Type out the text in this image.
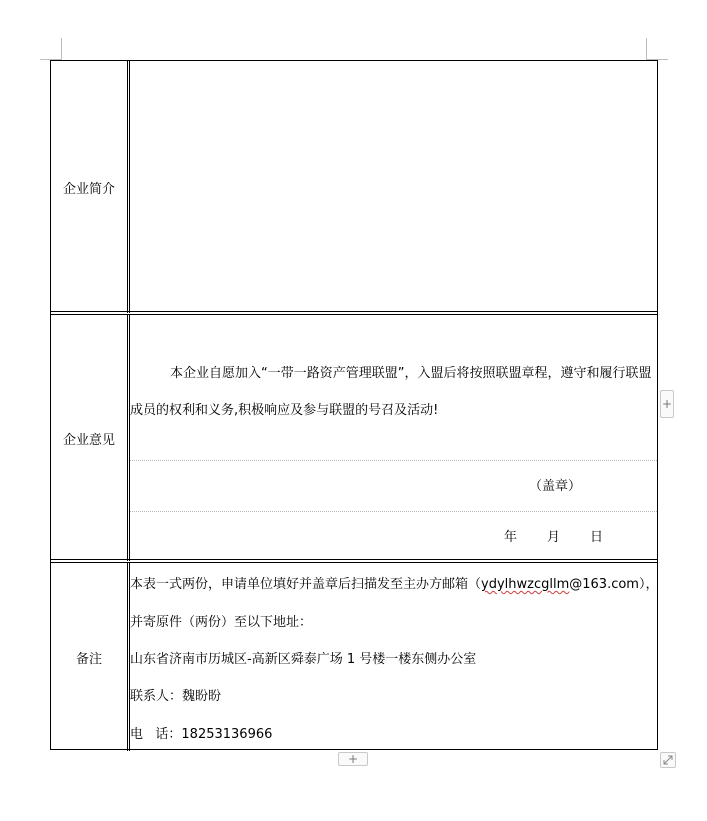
企业简介
企业意见
本企业自愿加入“一带一路资产管理联盟”，入盟后将按照联盟章程，遵守和履行联盟
成员的权利和义务,积极响应及参与联盟的号召及活动!
（盖章）
年 月 日
备注
本表一式两份，申请单位填好并盖章后扫描发至主办方邮箱（ydylhwzcgllm@163.com），
并寄原件（两份）至以下地址：
山东省济南市历城区-高新区舜泰广场 1 号楼一楼东侧办公室
联系人：魏盼盼
电   话：18253136966
+
+
